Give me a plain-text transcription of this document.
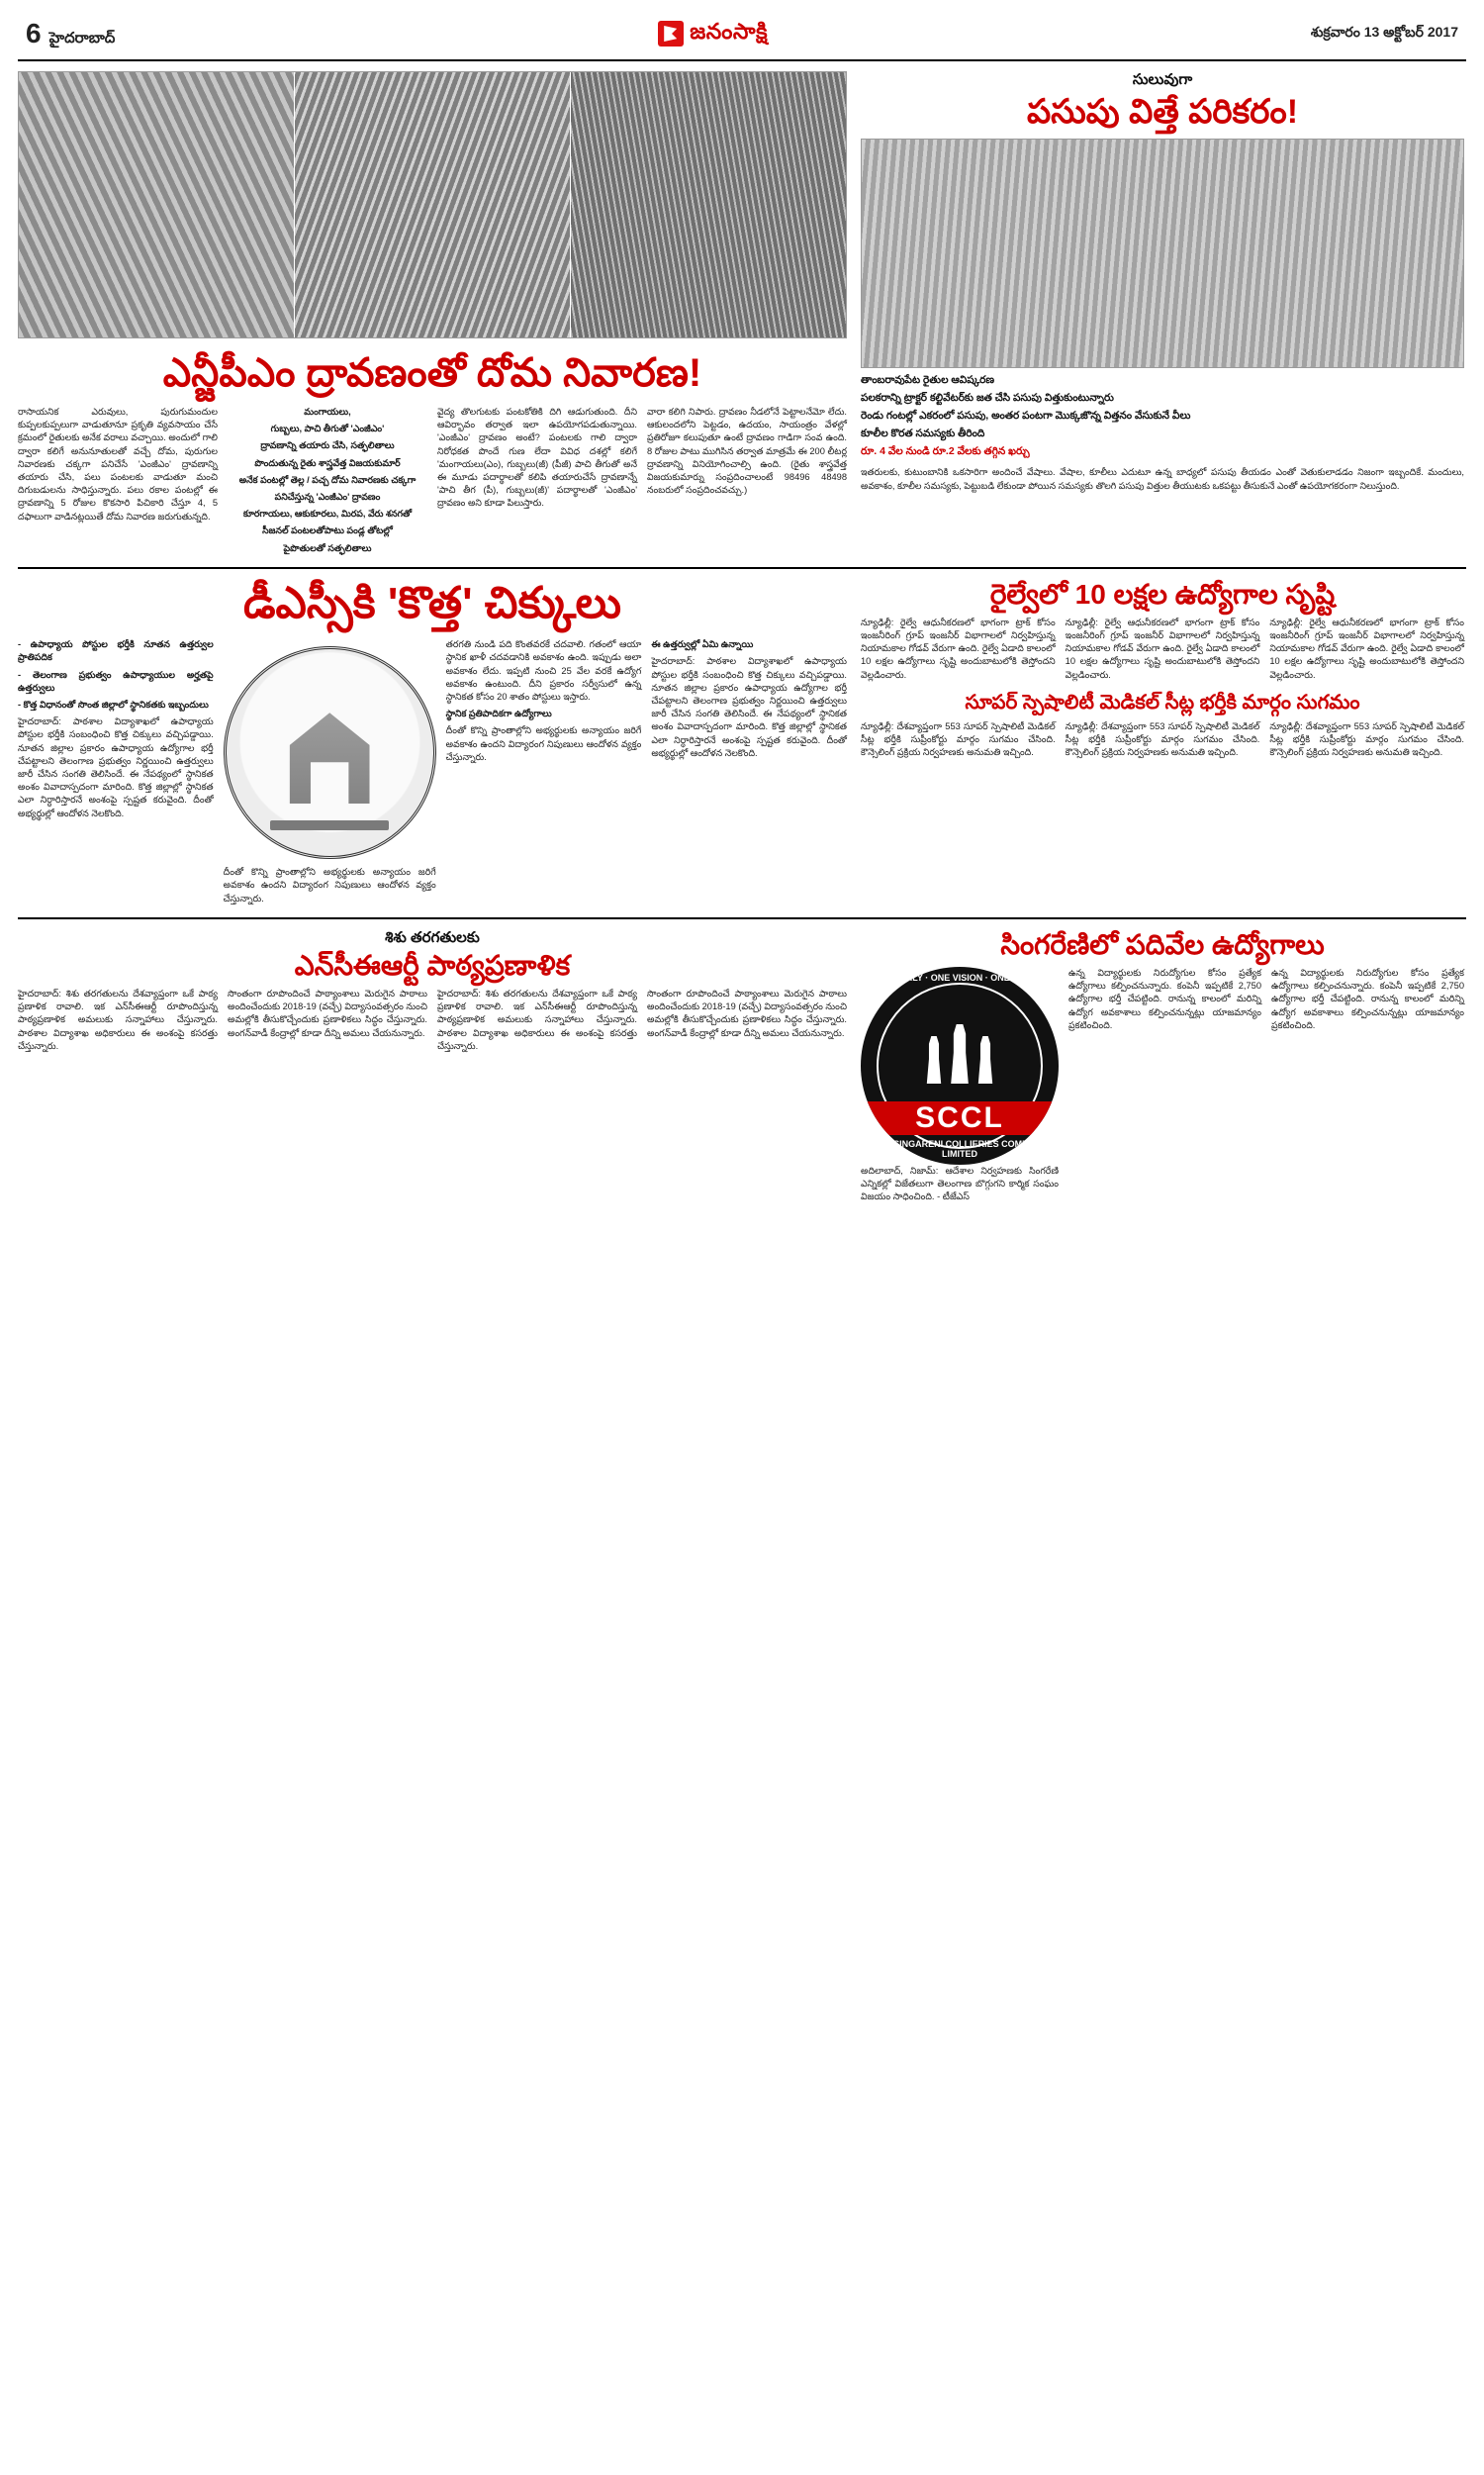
6 హైదరాబాద్	జనంసాక్షి	శుక్రవారం 13 అక్టోబర్ 2017
ఎన్జీపీఎం ద్రావణంతో దోమ నివారణ!

రాసాయనిక ఎరువులు, పురుగుమందుల కుప్పలకుప్పలుగా వాడుతూనూ ప్రకృతి వ్యవసాయం చేసే క్రమంలో రైతులకు అనేక వరాలు వచ్చాయి. అందులో గాలి ద్వారా కలిగే అనునూతులతో వచ్చే దోమ, పురుగుల నివారణకు చక్కగా పనిచేసే 'ఎంజీఎం' ద్రావణాన్ని తయారు చేసి, పలు పంటలకు వాడుతూ మంచి దిగుబడులను సాధిస్తున్నారు. పలు రకాల పంటల్లో ఈ ద్రావణాన్ని 5 రోజుల కొకసారి పిచికారి చేస్తూ 4, 5 దఫాలుగా వాడినట్లయితే దోమ నివారణ జరుగుతున్నది.

మంగాయలు,

గుబ్బలు, పాచి తీగుతో 'ఎంజీఎం'

ద్రావణాన్ని తయారు చేసి, సత్ఫలితాలు

పొందుతున్న రైతు శాస్త్రవేత్త విజయకుమార్

అనేక పంటల్లో తెల్ల / పచ్చ దోమ నివారణకు చక్కగా

పనిచేస్తున్న 'ఎంజీఎం' ద్రావణం

కూరగాయలు, ఆకుకూరలు, మిరప, వేరు శనగతో

సీజనల్ పంటలతోపాటు పండ్ల తోటల్లో

పైపొతులతో సత్ఫలితాలు

వైద్య తొలగుటకు పంటకోతికి దిగి ఆడుగుతుంది. దీని ఆవిర్భావం తర్వాత ఇలా ఉపయోగపడుతున్నాయి. 'ఎంజీఎం' ద్రావణం అంటే? పంటలకు గాలి ద్వారా నిరోధకత పొందే గుణ లేదా వివిధ దశల్లో కలిగే 'మంగాయలు(ఎం), గుబ్బలు(జీ) (పీజీ) పాచి తీగుతో అనే ఈ మూడు పదార్థాలతో కలిపి తయారుచేసే ద్రావణాన్నే 'పాచి తీగ (పీ), గుబ్బలు(జీ)' పదార్థాలతో 'ఎంజీఎం' ద్రావణం అని కూడా పిలుస్తారు.

వారా కలిగి నిపారు. ద్రావణం నీడలోనే పెట్టాలనేమో లేదు. ఆకులందలోని పెట్టడం, ఉదయం, సాయంత్రం వేళల్లో ప్రతిరోజూ కలుపుతూ ఉంటే ద్రావణం గాడిగా సంవ ఉంది. 8 రోజుల పాటు ముగిసిన తర్వాత మాత్రమే ఈ 200 లీటర్ల ద్రావణాన్ని వినియోగించాల్సి ఉంది. (రైతు శాస్త్రవేత్త విజయకుమార్ను సంప్రదించాలంటే 98496 48498 నంబరులో సంప్రదించవచ్చు.)

సులువుగా
పసుపు విత్తే పరికరం!
తాంబరావుపేట రైతుల ఆవిష్కరణ
పలకరాన్ని ట్రాక్టర్ కల్టివేటర్‌కు జత చేసి పసుపు విత్తుకుంటున్నారు
రెండు గంటల్లో ఎకరంలో పసుపు, అంతర పంటగా మొక్కజొన్న విత్తనం వేసుకునే వీలు
కూలీల కొరత సమస్యకు తీరింది
రూ. 4 వేల నుండి రూ.2 వేలకు తగ్గిన ఖర్చు

ఇతరులకు, కుటుంబానికి ఒకసారిగా అందించే వేషాలు. వేషాల, కూలీలు ఎదుటూ ఉన్న బాధ్యలో పసుపు తీయడం ఎంతో వెతుకులాడడం నిజంగా ఇబ్బందికే. మందులు, అవకాశం, కూలీల సమస్యకు, పెట్టుబడి లేకుండా పోయిన సమస్యకు తొలగి పసుపు విత్తుల తీయుటకు ఒకపట్టు తీసుకునే ఎంతో ఉపయోగకరంగా నిలుస్తుంది.

డీఎస్సీకి 'కొత్త' చిక్కులు

- ఉపాధ్యాయ పోస్టుల భర్తీకి నూతన ఉత్తర్వుల ప్రాతిపదిక

- తెలంగాణ ప్రభుత్వం ఉపాధ్యాయుల అర్హతపై ఉత్తర్వులు

- కొత్త విధానంతో సొంత జిల్లాలో స్థానికతకు ఇబ్బందులు

హైదరాబాద్: పాఠశాల విద్యాశాఖలో ఉపాధ్యాయ పోస్టుల భర్తీకి సంబంధించి కొత్త చిక్కులు వచ్చిపడ్డాయి. నూతన జిల్లాల ప్రకారం ఉపాధ్యాయ ఉద్యోగాల భర్తీ చేపట్టాలని తెలంగాణ ప్రభుత్వం నిర్ణయించి ఉత్తర్వులు జారీ చేసిన సంగతి తెలిసిందే. ఈ నేపథ్యంలో స్థానికత అంశం వివాదాస్పదంగా మారింది. కొత్త జిల్లాల్లో స్థానికత ఎలా నిర్ధారిస్తారనే అంశంపై స్పష్టత కరువైంది. దీంతో అభ్యర్థుల్లో ఆందోళన నెలకొంది.

దీంతో కొన్ని ప్రాంతాల్లోని అభ్యర్థులకు అన్యాయం జరిగే అవకాశం ఉందని విద్యారంగ నిపుణులు ఆందోళన వ్యక్తం చేస్తున్నారు.

తరగతి నుండి పది కొంతవరకే చదవాలి. గతంలో ఆయా స్థానిక ఖాళీ చదవడానికి అవకాశం ఉంది. ఇప్పుడు అలా అవకాశం లేదు. ఇప్పటి నుంచి 25 వేల వరకే ఉద్యోగ అవకాశం ఉంటుంది. దీని ప్రకారం సర్వీసులో ఉన్న స్థానికత కోసం 20 శాతం పోస్టులు ఇస్తారు.

స్థానిక ప్రతిపాదికగా ఉద్యోగాలు

దీంతో కొన్ని ప్రాంతాల్లోని అభ్యర్థులకు అన్యాయం జరిగే అవకాశం ఉందని విద్యారంగ నిపుణులు ఆందోళన వ్యక్తం చేస్తున్నారు.

ఈ ఉత్తర్వుల్లో ఏమి ఉన్నాయి

హైదరాబాద్: పాఠశాల విద్యాశాఖలో ఉపాధ్యాయ పోస్టుల భర్తీకి సంబంధించి కొత్త చిక్కులు వచ్చిపడ్డాయి. నూతన జిల్లాల ప్రకారం ఉపాధ్యాయ ఉద్యోగాల భర్తీ చేపట్టాలని తెలంగాణ ప్రభుత్వం నిర్ణయించి ఉత్తర్వులు జారీ చేసిన సంగతి తెలిసిందే. ఈ నేపథ్యంలో స్థానికత అంశం వివాదాస్పదంగా మారింది. కొత్త జిల్లాల్లో స్థానికత ఎలా నిర్ధారిస్తారనే అంశంపై స్పష్టత కరువైంది. దీంతో అభ్యర్థుల్లో ఆందోళన నెలకొంది.

రైల్వేలో 10 లక్షల ఉద్యోగాల సృష్టి

న్యూఢిల్లీ: రైల్వే ఆధునీకరణలో భాగంగా ట్రాక్ కోసం ఇంజనీరింగ్ గ్రూప్ ఇంజనీర్ విభాగాలలో నిర్వహిస్తున్న నియామకాల గోడవ్ వేరుగా ఉంది. రైల్వే ఏడాది కాలంలో 10 లక్షల ఉద్యోగాలు సృష్టి అందుబాటులోకి తెస్తోందని వెల్లడించారు.

న్యూఢిల్లీ: రైల్వే ఆధునీకరణలో భాగంగా ట్రాక్ కోసం ఇంజనీరింగ్ గ్రూప్ ఇంజనీర్ విభాగాలలో నిర్వహిస్తున్న నియామకాల గోడవ్ వేరుగా ఉంది. రైల్వే ఏడాది కాలంలో 10 లక్షల ఉద్యోగాలు సృష్టి అందుబాటులోకి తెస్తోందని వెల్లడించారు.

న్యూఢిల్లీ: రైల్వే ఆధునీకరణలో భాగంగా ట్రాక్ కోసం ఇంజనీరింగ్ గ్రూప్ ఇంజనీర్ విభాగాలలో నిర్వహిస్తున్న నియామకాల గోడవ్ వేరుగా ఉంది. రైల్వే ఏడాది కాలంలో 10 లక్షల ఉద్యోగాలు సృష్టి అందుబాటులోకి తెస్తోందని వెల్లడించారు.

సూపర్ స్పెషాలిటీ మెడికల్ సీట్ల భర్తీకి మార్గం సుగమం

న్యూఢిల్లీ: దేశవ్యాప్తంగా 553 సూపర్ స్పెషాలిటీ మెడికల్ సీట్ల భర్తీకి సుప్రీంకోర్టు మార్గం సుగమం చేసింది. కౌన్సెలింగ్ ప్రక్రియ నిర్వహణకు అనుమతి ఇచ్చింది.

న్యూఢిల్లీ: దేశవ్యాప్తంగా 553 సూపర్ స్పెషాలిటీ మెడికల్ సీట్ల భర్తీకి సుప్రీంకోర్టు మార్గం సుగమం చేసింది. కౌన్సెలింగ్ ప్రక్రియ నిర్వహణకు అనుమతి ఇచ్చింది.

న్యూఢిల్లీ: దేశవ్యాప్తంగా 553 సూపర్ స్పెషాలిటీ మెడికల్ సీట్ల భర్తీకి సుప్రీంకోర్టు మార్గం సుగమం చేసింది. కౌన్సెలింగ్ ప్రక్రియ నిర్వహణకు అనుమతి ఇచ్చింది.

శిశు తరగతులకు
ఎన్‌సీఈఆర్టీ పాఠ్యప్రణాళిక

హైదరాబాద్: శిశు తరగతులను దేశవ్యాప్తంగా ఒకే పాఠ్య ప్రణాళిక రావాలి. ఇక ఎన్‌సీఈఆర్టీ రూపొందిస్తున్న పాఠ్యప్రణాళిక అమలుకు సన్నాహాలు చేస్తున్నారు. పాఠశాల విద్యాశాఖ అధికారులు ఈ అంశంపై కసరత్తు చేస్తున్నారు.

సొంతంగా రూపొందించే పాఠ్యాంశాలు మెరుగైన పాఠాలు అందించేందుకు 2018-19 (వచ్చే) విద్యాసంవత్సరం నుంచి అమల్లోకి తీసుకొచ్చేందుకు ప్రణాళికలు సిద్ధం చేస్తున్నారు. అంగన్‌వాడీ కేంద్రాల్లో కూడా దీన్ని అమలు చేయనున్నారు.

హైదరాబాద్: శిశు తరగతులను దేశవ్యాప్తంగా ఒకే పాఠ్య ప్రణాళిక రావాలి. ఇక ఎన్‌సీఈఆర్టీ రూపొందిస్తున్న పాఠ్యప్రణాళిక అమలుకు సన్నాహాలు చేస్తున్నారు. పాఠశాల విద్యాశాఖ అధికారులు ఈ అంశంపై కసరత్తు చేస్తున్నారు.

సొంతంగా రూపొందించే పాఠ్యాంశాలు మెరుగైన పాఠాలు అందించేందుకు 2018-19 (వచ్చే) విద్యాసంవత్సరం నుంచి అమల్లోకి తీసుకొచ్చేందుకు ప్రణాళికలు సిద్ధం చేస్తున్నారు. అంగన్‌వాడీ కేంద్రాల్లో కూడా దీన్ని అమలు చేయనున్నారు.

సింగరేణిలో పదివేల ఉద్యోగాలు
ONE FAMILY · ONE VISION · ONE MISSION
SCCL
THE SINGARENI COLLIERIES COMPANY LIMITED

అదిలాబాద్, నిజామ్: ఆదేశాల నిర్వహణకు సింగరేణి ఎన్నికల్లో విజేతలుగా తెలంగాణ బొగ్గుగని కార్మిక సంఘం విజయం సాధించింది. - టీజేఎస్

ఉన్న విద్యార్థులకు నిరుద్యోగుల కోసం ప్రత్యేక ఉద్యోగాలు కల్పించనున్నారు. కంపెనీ ఇప్పటికే 2,750 ఉద్యోగాల భర్తీ చేపట్టింది. రానున్న కాలంలో మరిన్ని ఉద్యోగ అవకాశాలు కల్పించనున్నట్లు యాజమాన్యం ప్రకటించింది.

ఉన్న విద్యార్థులకు నిరుద్యోగుల కోసం ప్రత్యేక ఉద్యోగాలు కల్పించనున్నారు. కంపెనీ ఇప్పటికే 2,750 ఉద్యోగాల భర్తీ చేపట్టింది. రానున్న కాలంలో మరిన్ని ఉద్యోగ అవకాశాలు కల్పించనున్నట్లు యాజమాన్యం ప్రకటించింది.
